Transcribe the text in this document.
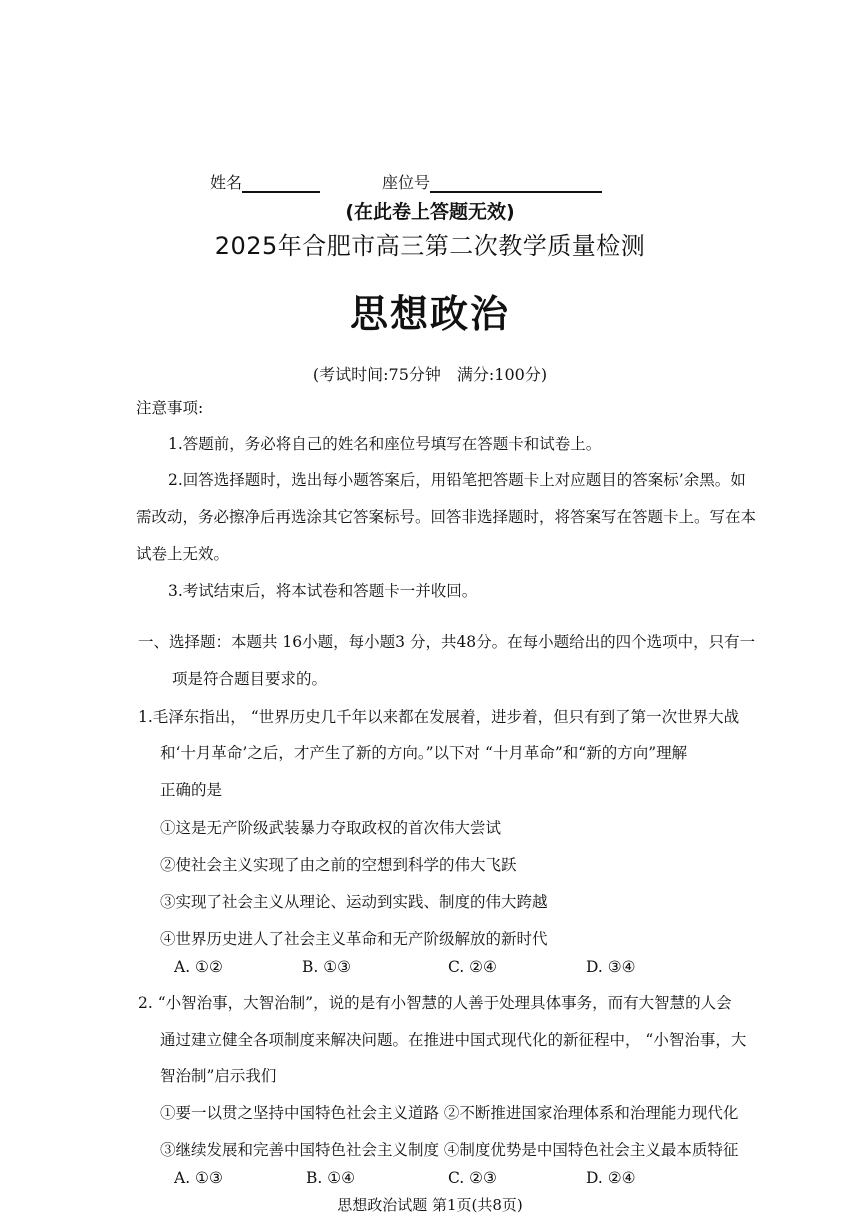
姓名	座位号
(在此卷上答题无效)
2025年合肥市高三第二次教学质量检测
思想政治
(考试时间:75分钟　满分:100分)
注意事项:
1.答题前，务必将自己的姓名和座位号填写在答题卡和试卷上。
2.回答选择题时，选出每小题答案后，用铅笔把答题卡上对应题目的答案标’余黑。如
需改动，务必擦净后再选涂其它答案标号。回答非选择题时，将答案写在答题卡上。写在本
试卷上无效。
3.考试结束后，将本试卷和答题卡一并收回。
一、选择题：本题共 16小题，每小题3 分，共48分。在每小题给出的四个选项中，只有一
项是符合题目要求的。
1.毛泽东指出， “世界历史几千年以来都在发展着，进步着，但只有到了第一次世界大战
和‘十月革命’之后，才产生了新的方向。”以下对 “十月革命”和“新的方向”理解
正确的是
①这是无产阶级武装暴力夺取政权的首次伟大尝试
②使社会主义实现了由之前的空想到科学的伟大飞跃
③实现了社会主义从理论、运动到实践、制度的伟大跨越
④世界历史进人了社会主义革命和无产阶级解放的新时代
A. ①②	B. ①③	C. ②④	D. ③④
2. “小智治事，大智治制”，说的是有小智慧的人善于处理具体事务，而有大智慧的人会
通过建立健全各项制度来解决问题。在推进中国式现代化的新征程中， “小智治事，大
智治制”启示我们
①要一以贯之坚持中国特色社会主义道路 ②不断推进国家治理体系和治理能力现代化
③继续发展和完善中国特色社会主义制度 ④制度优势是中国特色社会主义最本质特征
A. ①③	B. ①④	C. ②③	D. ②④
思想政治试题 第1页(共8页)
